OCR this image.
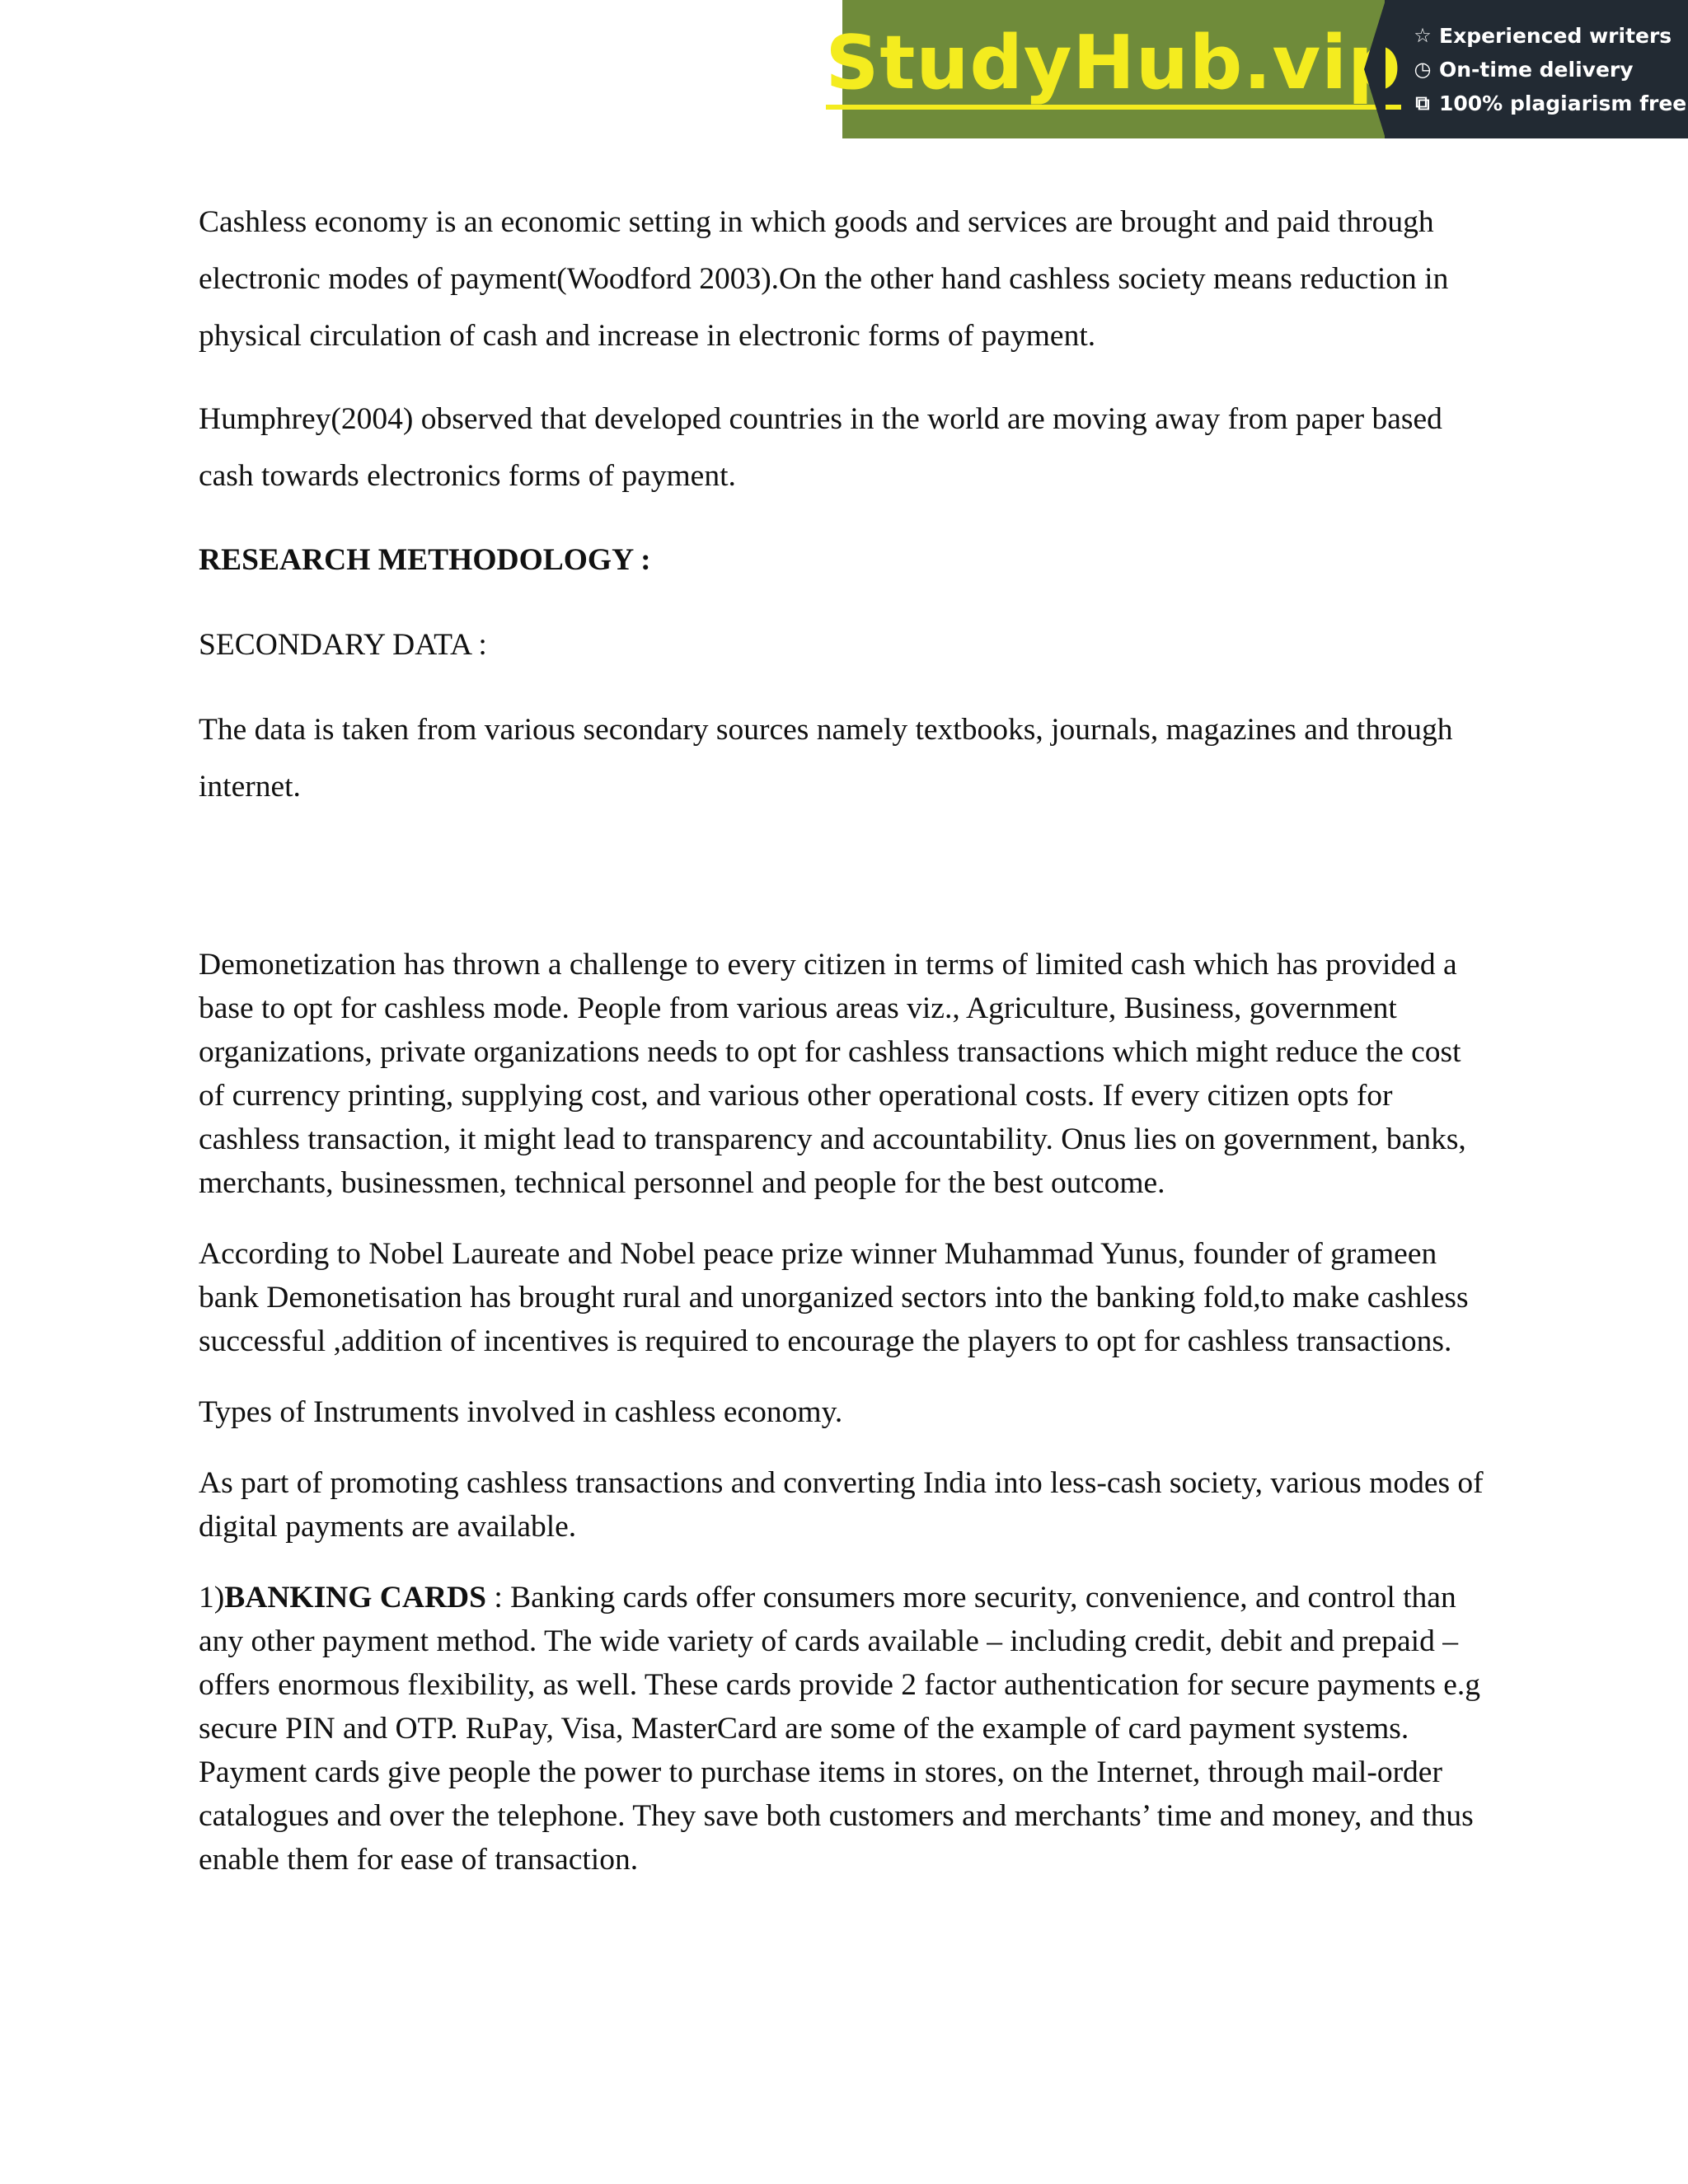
StudyHub.vip ☆ Experienced writers
◷ On-time delivery
⧉ 100% plagiarism free

Cashless economy is an economic setting in which goods and services are brought and paid through electronic modes of payment(Woodford 2003).On the other hand cashless society means reduction in physical circulation of cash and increase in electronic forms of payment.

Humphrey(2004) observed that developed countries in the world are moving away from paper based cash towards electronics forms of payment.

RESEARCH METHODOLOGY :

SECONDARY DATA :

The data is taken from various secondary sources namely textbooks, journals, magazines and through internet.

Demonetization has thrown a challenge to every citizen in terms of limited cash which has provided a base to opt for cashless mode. People from various areas viz., Agriculture, Business, government organizations, private organizations needs to opt for cashless transactions which might reduce the cost of currency printing, supplying cost, and various other operational costs. If every citizen opts for cashless transaction, it might lead to transparency and accountability. Onus lies on government, banks, merchants, businessmen, technical personnel and people for the best outcome.

According to Nobel Laureate and Nobel peace prize winner Muhammad Yunus, founder of grameen bank Demonetisation has brought rural and unorganized sectors into the banking fold,to make cashless successful ,addition of incentives is required to encourage the players to opt for cashless transactions.

Types of Instruments involved in cashless economy.

As part of promoting cashless transactions and converting India into less-cash society, various modes of digital payments are available.

1)BANKING CARDS : Banking cards offer consumers more security, convenience, and control than any other payment method. The wide variety of cards available – including credit, debit and prepaid – offers enormous flexibility, as well. These cards provide 2 factor authentication for secure payments e.g secure PIN and OTP. RuPay, Visa, MasterCard are some of the example of card payment systems. Payment cards give people the power to purchase items in stores, on the Internet, through mail-order catalogues and over the telephone. They save both customers and merchants’ time and money, and thus enable them for ease of transaction.
